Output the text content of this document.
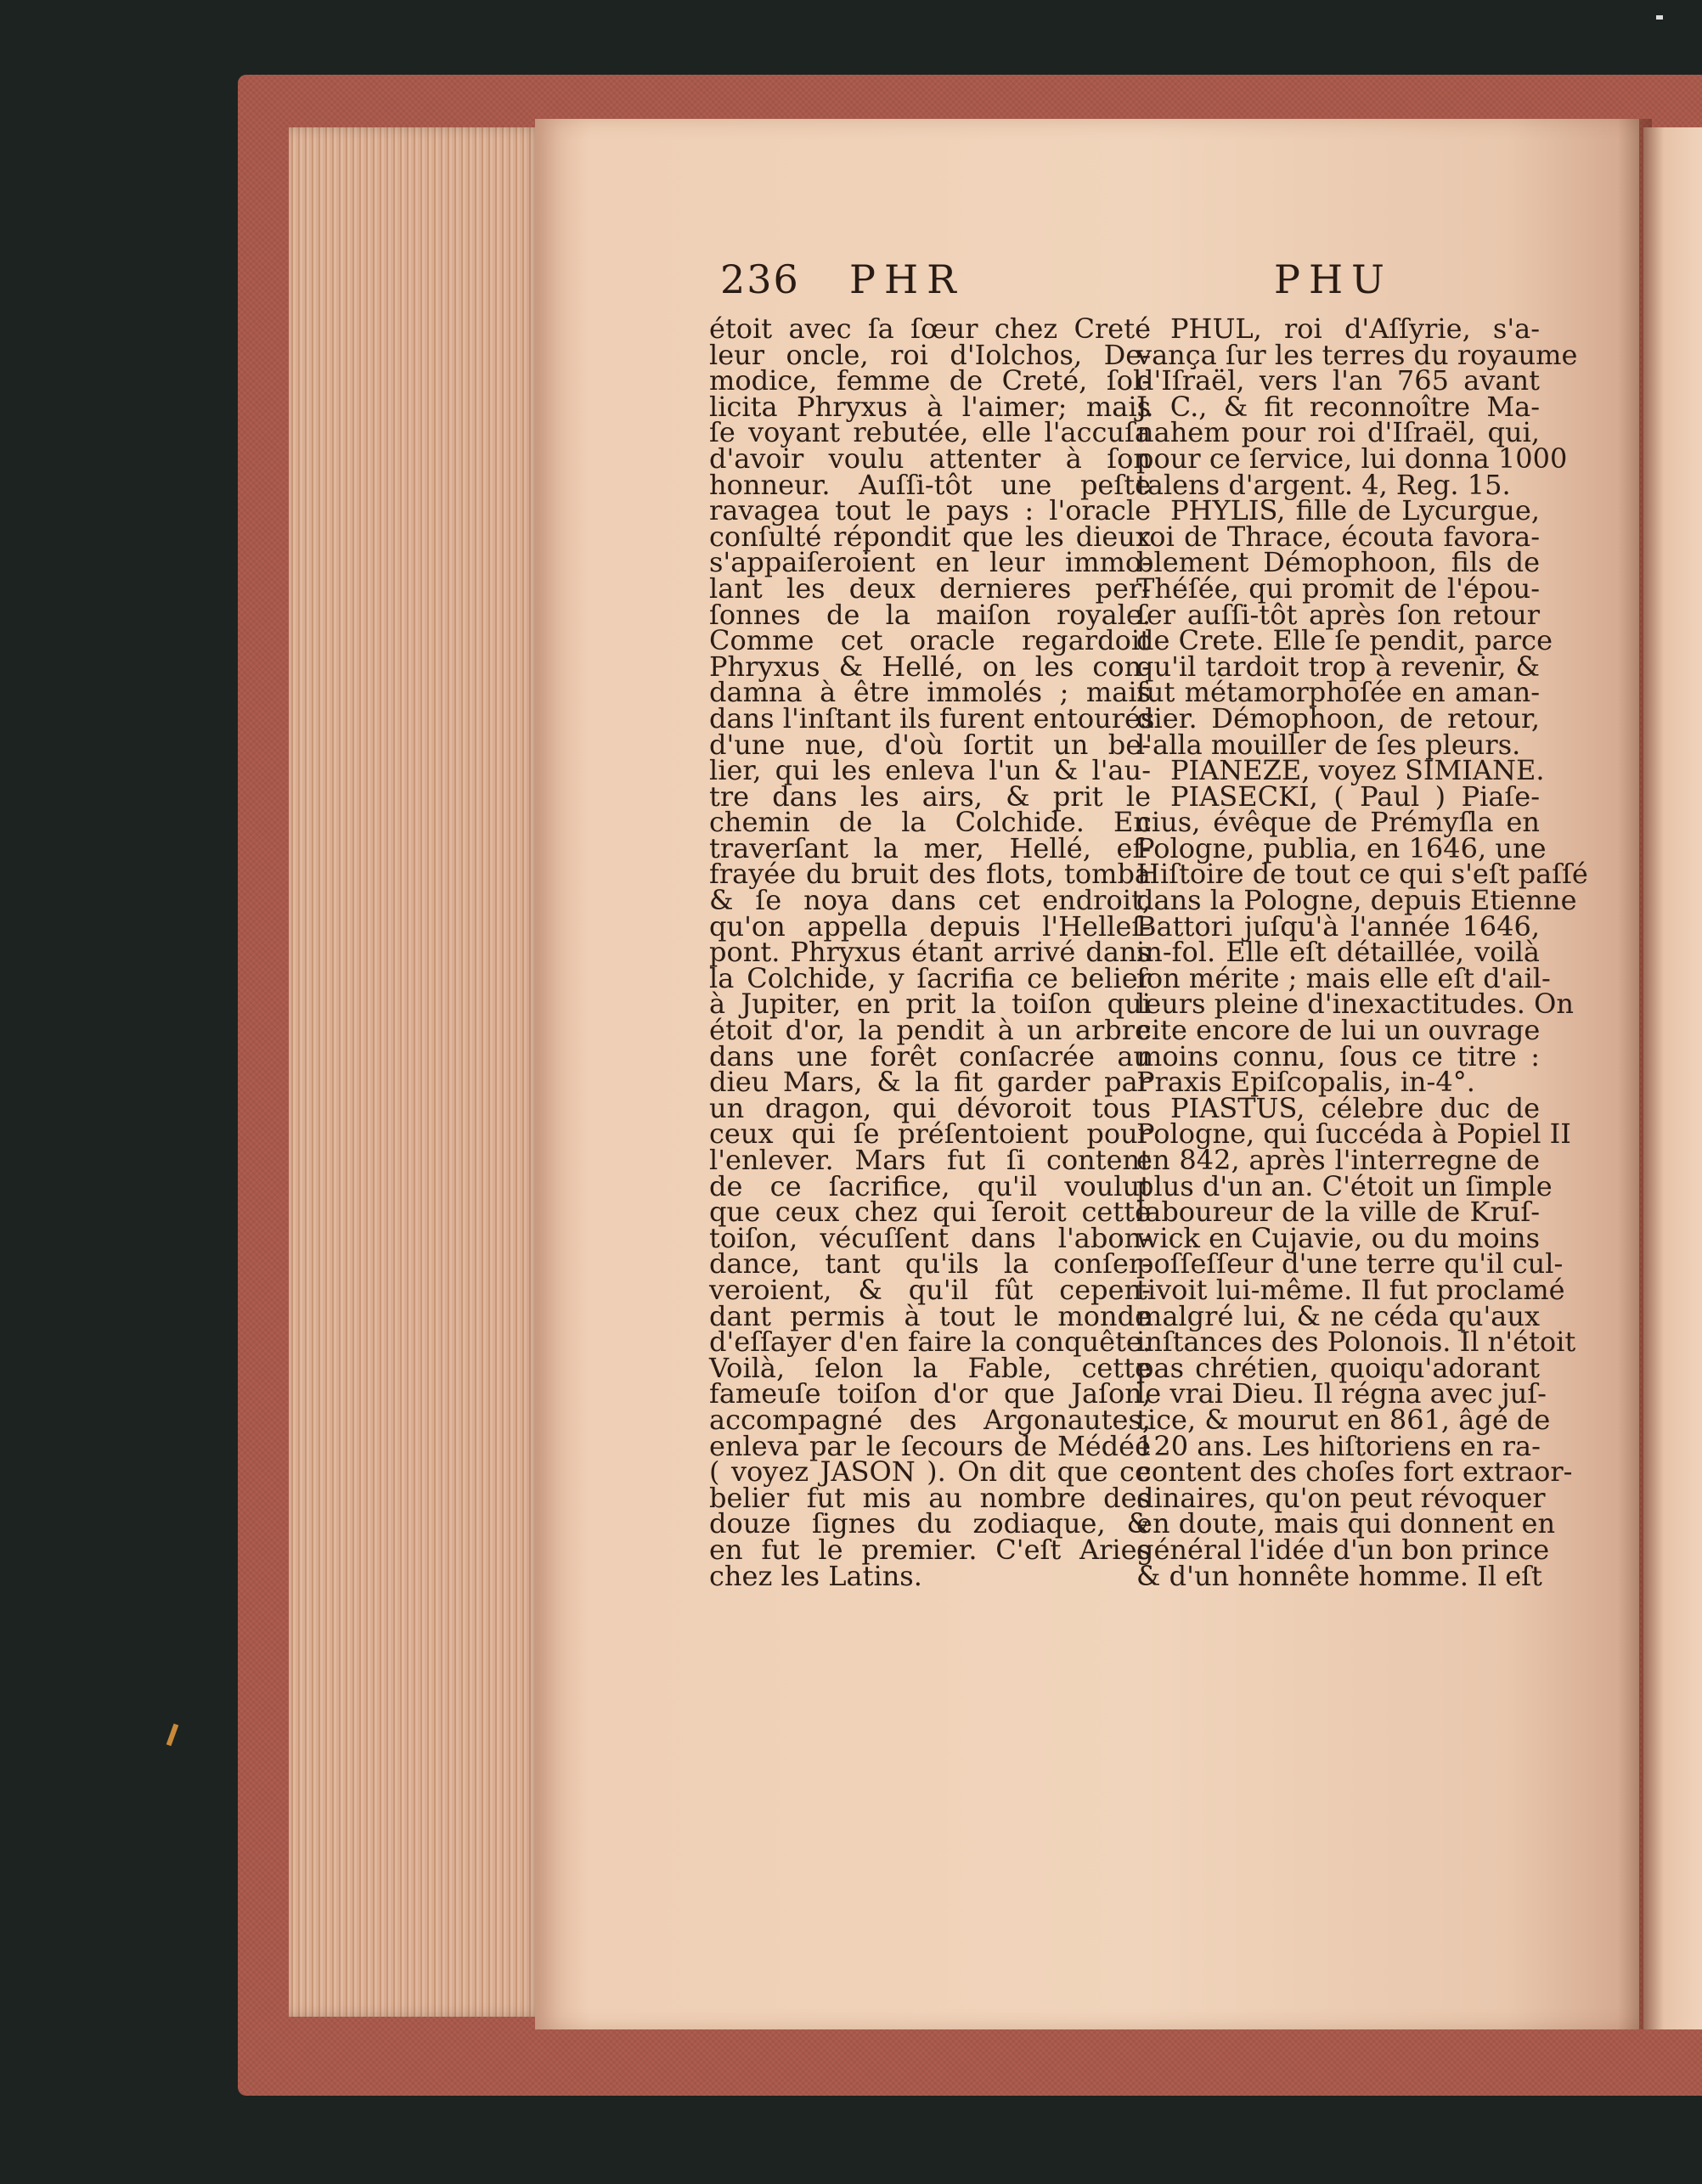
236 PHR	PHU
étoit avec ſa ſœur chez Creté
leur oncle, roi d'Iolchos, De-
modice, femme de Creté, ſol-
licita Phryxus à l'aimer; mais
ſe voyant rebutée, elle l'accuſa
d'avoir voulu attenter à ſon
honneur. Auſſi-tôt une peſte
ravagea tout le pays : l'oracle
conſulté répondit que les dieux
s'appaiſeroient en leur immo-
lant les deux dernieres per-
ſonnes de la maiſon royale.
Comme cet oracle regardoit
Phryxus & Hellé, on les con-
damna à être immolés ; mais
dans l'inſtant ils furent entourés
d'une nue, d'où ſortit un be-
lier, qui les enleva l'un & l'au-
tre dans les airs, & prit le
chemin de la Colchide. En
traverſant la mer, Hellé, ef-
frayée du bruit des flots, tomba
& ſe noya dans cet endroit,
qu'on appella depuis l'Helleſ-
pont. Phryxus étant arrivé dans
la Colchide, y ſacrifia ce belier
à Jupiter, en prit la toiſon qui
étoit d'or, la pendit à un arbre
dans une forêt conſacrée au
dieu Mars, & la fit garder par
un dragon, qui dévoroit tous
ceux qui ſe préſentoient pour
l'enlever. Mars fut ſi content
de ce ſacrifice, qu'il voulut
que ceux chez qui ſeroit cette
toiſon, vécuſſent dans l'abon-
dance, tant qu'ils la conſer-
veroient, & qu'il fût cepen-
dant permis à tout le monde
d'eſſayer d'en faire la conquête.
Voilà, ſelon la Fable, cette
fameuſe toiſon d'or que Jaſon,
accompagné des Argonautes,
enleva par le ſecours de Médée
( voyez JASON ). On dit que ce
belier fut mis au nombre des
douze ſignes du zodiaque, &
en fut le premier. C'eſt Aries
chez les Latins.
PHUL, roi d'Aſſyrie, s'a-
vança ſur les terres du royaume
d'Iſraël, vers l'an 765 avant
J. C., & fit reconnoître Ma-
nahem pour roi d'Iſraël, qui,
pour ce ſervice, lui donna 1000
talens d'argent. 4, Reg. 15.
PHYLIS, fille de Lycurgue,
roi de Thrace, écouta favora-
blement Démophoon, fils de
Théſée, qui promit de l'épou-
ſer auſſi-tôt après ſon retour
de Crete. Elle ſe pendit, parce
qu'il tardoit trop à revenir, &
fut métamorphoſée en aman-
dier. Démophoon, de retour,
l'alla mouiller de ſes pleurs.
PIANEZE, voyez SIMIANE.
PIASECKI, ( Paul ) Piaſe-
cius, évêque de Prémyſla en
Pologne, publia, en 1646, une
Hiſtoire de tout ce qui s'eſt paſſé
dans la Pologne, depuis Etienne
Battori juſqu'à l'année 1646,
in-fol. Elle eſt détaillée, voilà
ſon mérite ; mais elle eſt d'ail-
leurs pleine d'inexactitudes. On
cite encore de lui un ouvrage
moins connu, ſous ce titre :
Praxis Epiſcopalis, in-4°.
PIASTUS, célebre duc de
Pologne, qui ſuccéda à Popiel II
en 842, après l'interregne de
plus d'un an. C'étoit un ſimple
laboureur de la ville de Kruſ-
wick en Cujavie, ou du moins
poſſeſſeur d'une terre qu'il cul-
tivoit lui-même. Il fut proclamé
malgré lui, & ne céda qu'aux
inſtances des Polonois. Il n'étoit
pas chrétien, quoiqu'adorant
le vrai Dieu. Il régna avec juſ-
tice, & mourut en 861, âgé de
120 ans. Les hiſtoriens en ra-
content des choſes fort extraor-
dinaires, qu'on peut révoquer
en doute, mais qui donnent en
général l'idée d'un bon prince
& d'un honnête homme. Il eſt
